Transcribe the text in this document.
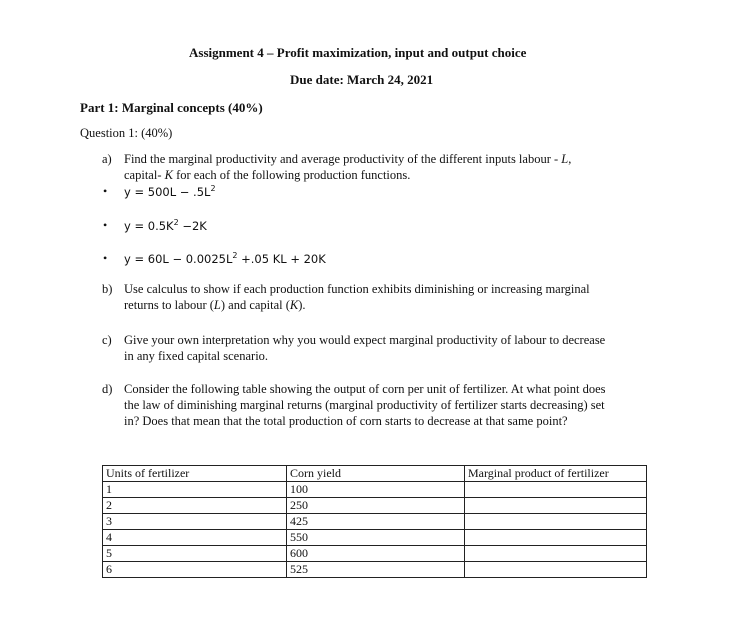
Assignment 4 – Profit maximization, input and output choice
Due date: March 24, 2021
Part 1: Marginal concepts (40%)
Question 1: (40%)
a) Find the marginal productivity and average productivity of the different inputs labour - L,
capital- K for each of the following production functions.
• $y = 500L - .5L^2$
• $y = 0.5K^2 -2K$
• $y = 60L - 0.0025L^2 +.05$ KL + 20K
b) Use calculus to show if each production function exhibits diminishing or increasing marginal
returns to labour (L) and capital (K).
c) Give your own interpretation why you would expect marginal productivity of labour to decrease
in any fixed capital scenario.
d) Consider the following table showing the output of corn per unit of fertilizer. At what point does
the law of diminishing marginal returns (marginal productivity of fertilizer starts decreasing) set
in? Does that mean that the total production of corn starts to decrease at that same point?
Units of fertilizer	Corn yield	Marginal product of fertilizer
1	100	
2	250	
3	425	
4	550	
5	600	
6	525	
